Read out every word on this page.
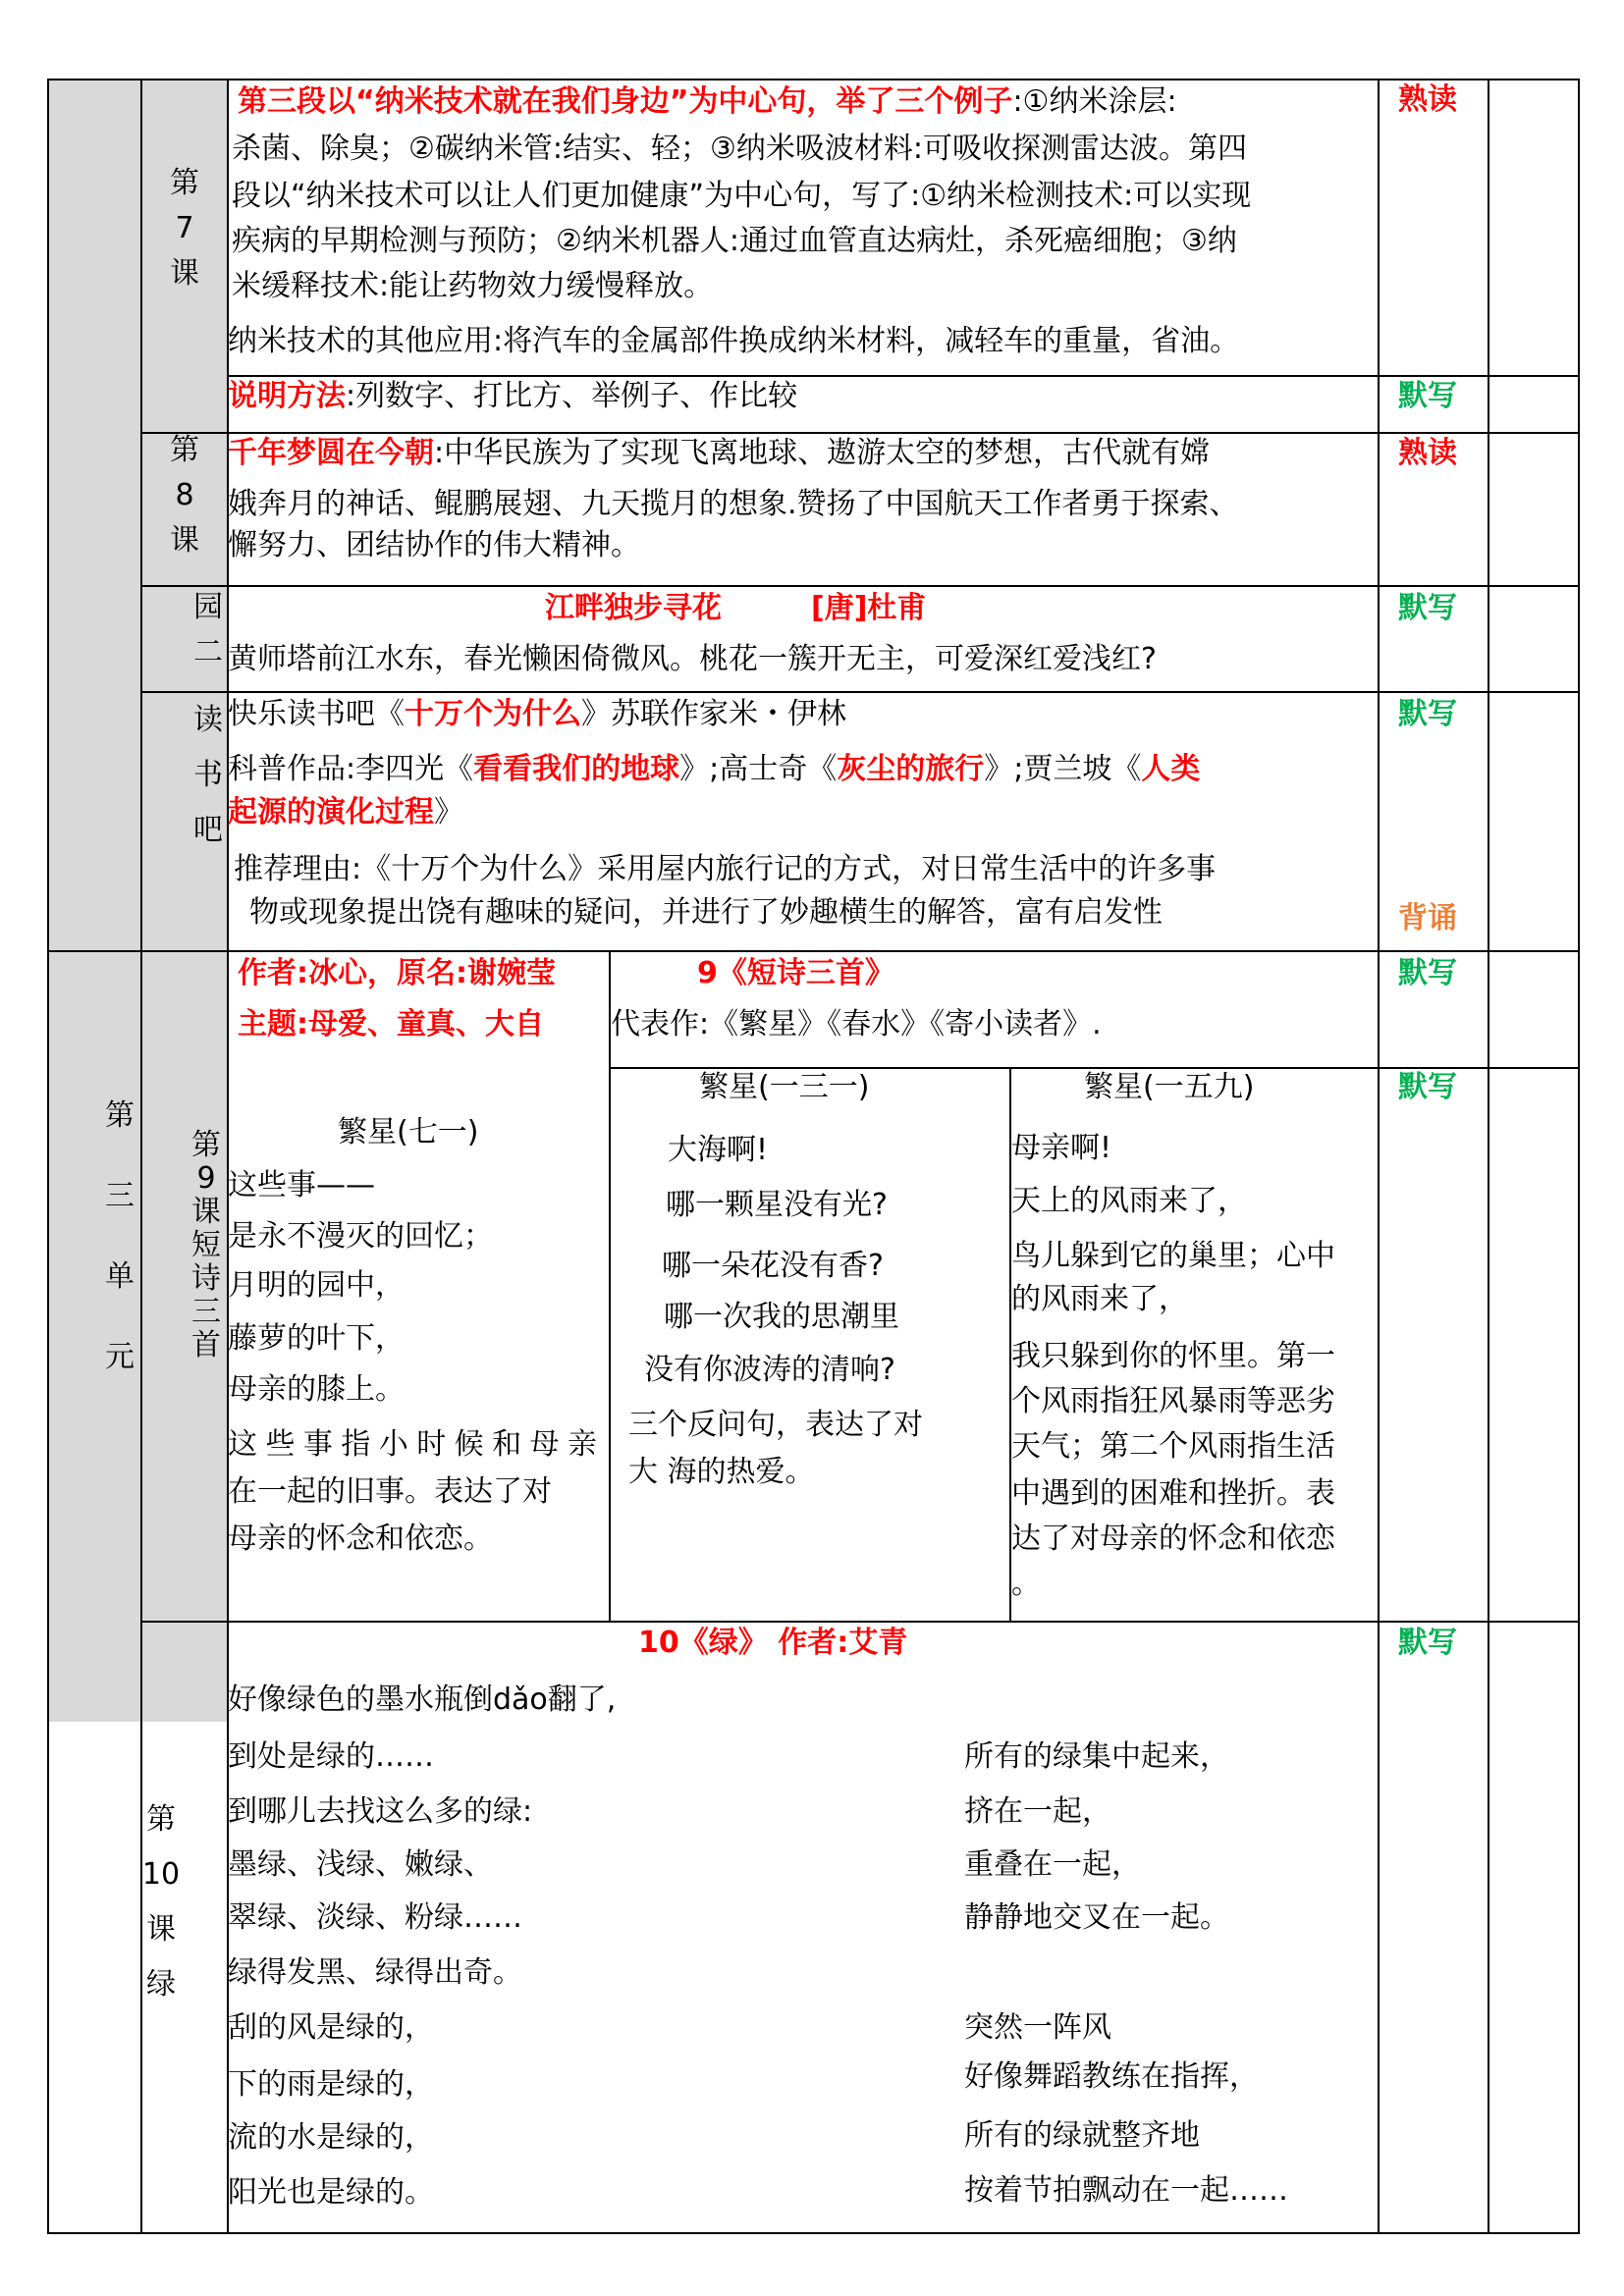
第
7
课
第三段以“纳米技术就在我们身边”为中心句，举了三个例子:①纳米涂层:
杀菌、除臭；②碳纳米管:结实、轻；③纳米吸波材料:可吸收探测雷达波。第四
段以“纳米技术可以让人们更加健康”为中心句，写了:①纳米检测技术:可以实现
疾病的早期检测与预防；②纳米机器人:通过血管直达病灶，杀死癌细胞；③纳
米缓释技术:能让药物效力缓慢释放。
纳米技术的其他应用:将汽车的金属部件换成纳米材料，减轻车的重量，省油。
说明方法:列数字、打比方、举例子、作比较
熟读
默写
第
8
课
千年梦圆在今朝:中华民族为了实现飞离地球、遨游太空的梦想，古代就有嫦
娥奔月的神话、鲲鹏展翅、九天揽月的想象.赞扬了中国航天工作者勇于探索、
懈努力、团结协作的伟大精神。
熟读
园
二
江畔独步寻花	[唐]杜甫
黄师塔前江水东，春光懒困倚微风。桃花一簇开无主，可爱深红爱浅红?
默写
读
书
吧
快乐读书吧《十万个为什么》苏联作家米・伊林
科普作品:李四光《看看我们的地球》;高士奇《灰尘的旅行》;贾兰坡《人类
起源的演化过程》
推荐理由:《十万个为什么》采用屋内旅行记的方式，对日常生活中的许多事
物或现象提出饶有趣味的疑问，并进行了妙趣横生的解答，富有启发性
默写
背诵
第
三
单
元
第9课短诗三首
作者:冰心，原名:谢婉莹
主题:母爱、童真、大自
9《短诗三首》
代表作:《繁星》《春水》《寄小读者》.
默写
默写
繁星(七一)
这些事——
是永不漫灭的回忆；
月明的园中，
藤萝的叶下，
母亲的膝上。
这些事指小时候和母亲
在一起的旧事。表达了对
母亲的怀念和依恋。
繁星(一三一)
大海啊!
哪一颗星没有光?
哪一朵花没有香?
哪一次我的思潮里
没有你波涛的清响?
三个反问句，表达了对
大 海的热爱。
繁星(一五九)
母亲啊!
天上的风雨来了，
鸟儿躲到它的巢里；心中
的风雨来了，
我只躲到你的怀里。第一
个风雨指狂风暴雨等恶劣
天气；第二个风雨指生活
中遇到的困难和挫折。表
达了对母亲的怀念和依恋
。
第
10
课
绿
10《绿》 作者:艾青	默写
好像绿色的墨水瓶倒dǎo翻了,
到处是绿的……
到哪儿去找这么多的绿:
墨绿、浅绿、嫩绿、
翠绿、淡绿、粉绿……
绿得发黑、绿得出奇。
刮的风是绿的，
下的雨是绿的，
流的水是绿的，
阳光也是绿的。
所有的绿集中起来，
挤在一起，
重叠在一起，
静静地交叉在一起。
突然一阵风
好像舞蹈教练在指挥，
所有的绿就整齐地
按着节拍飘动在一起……
